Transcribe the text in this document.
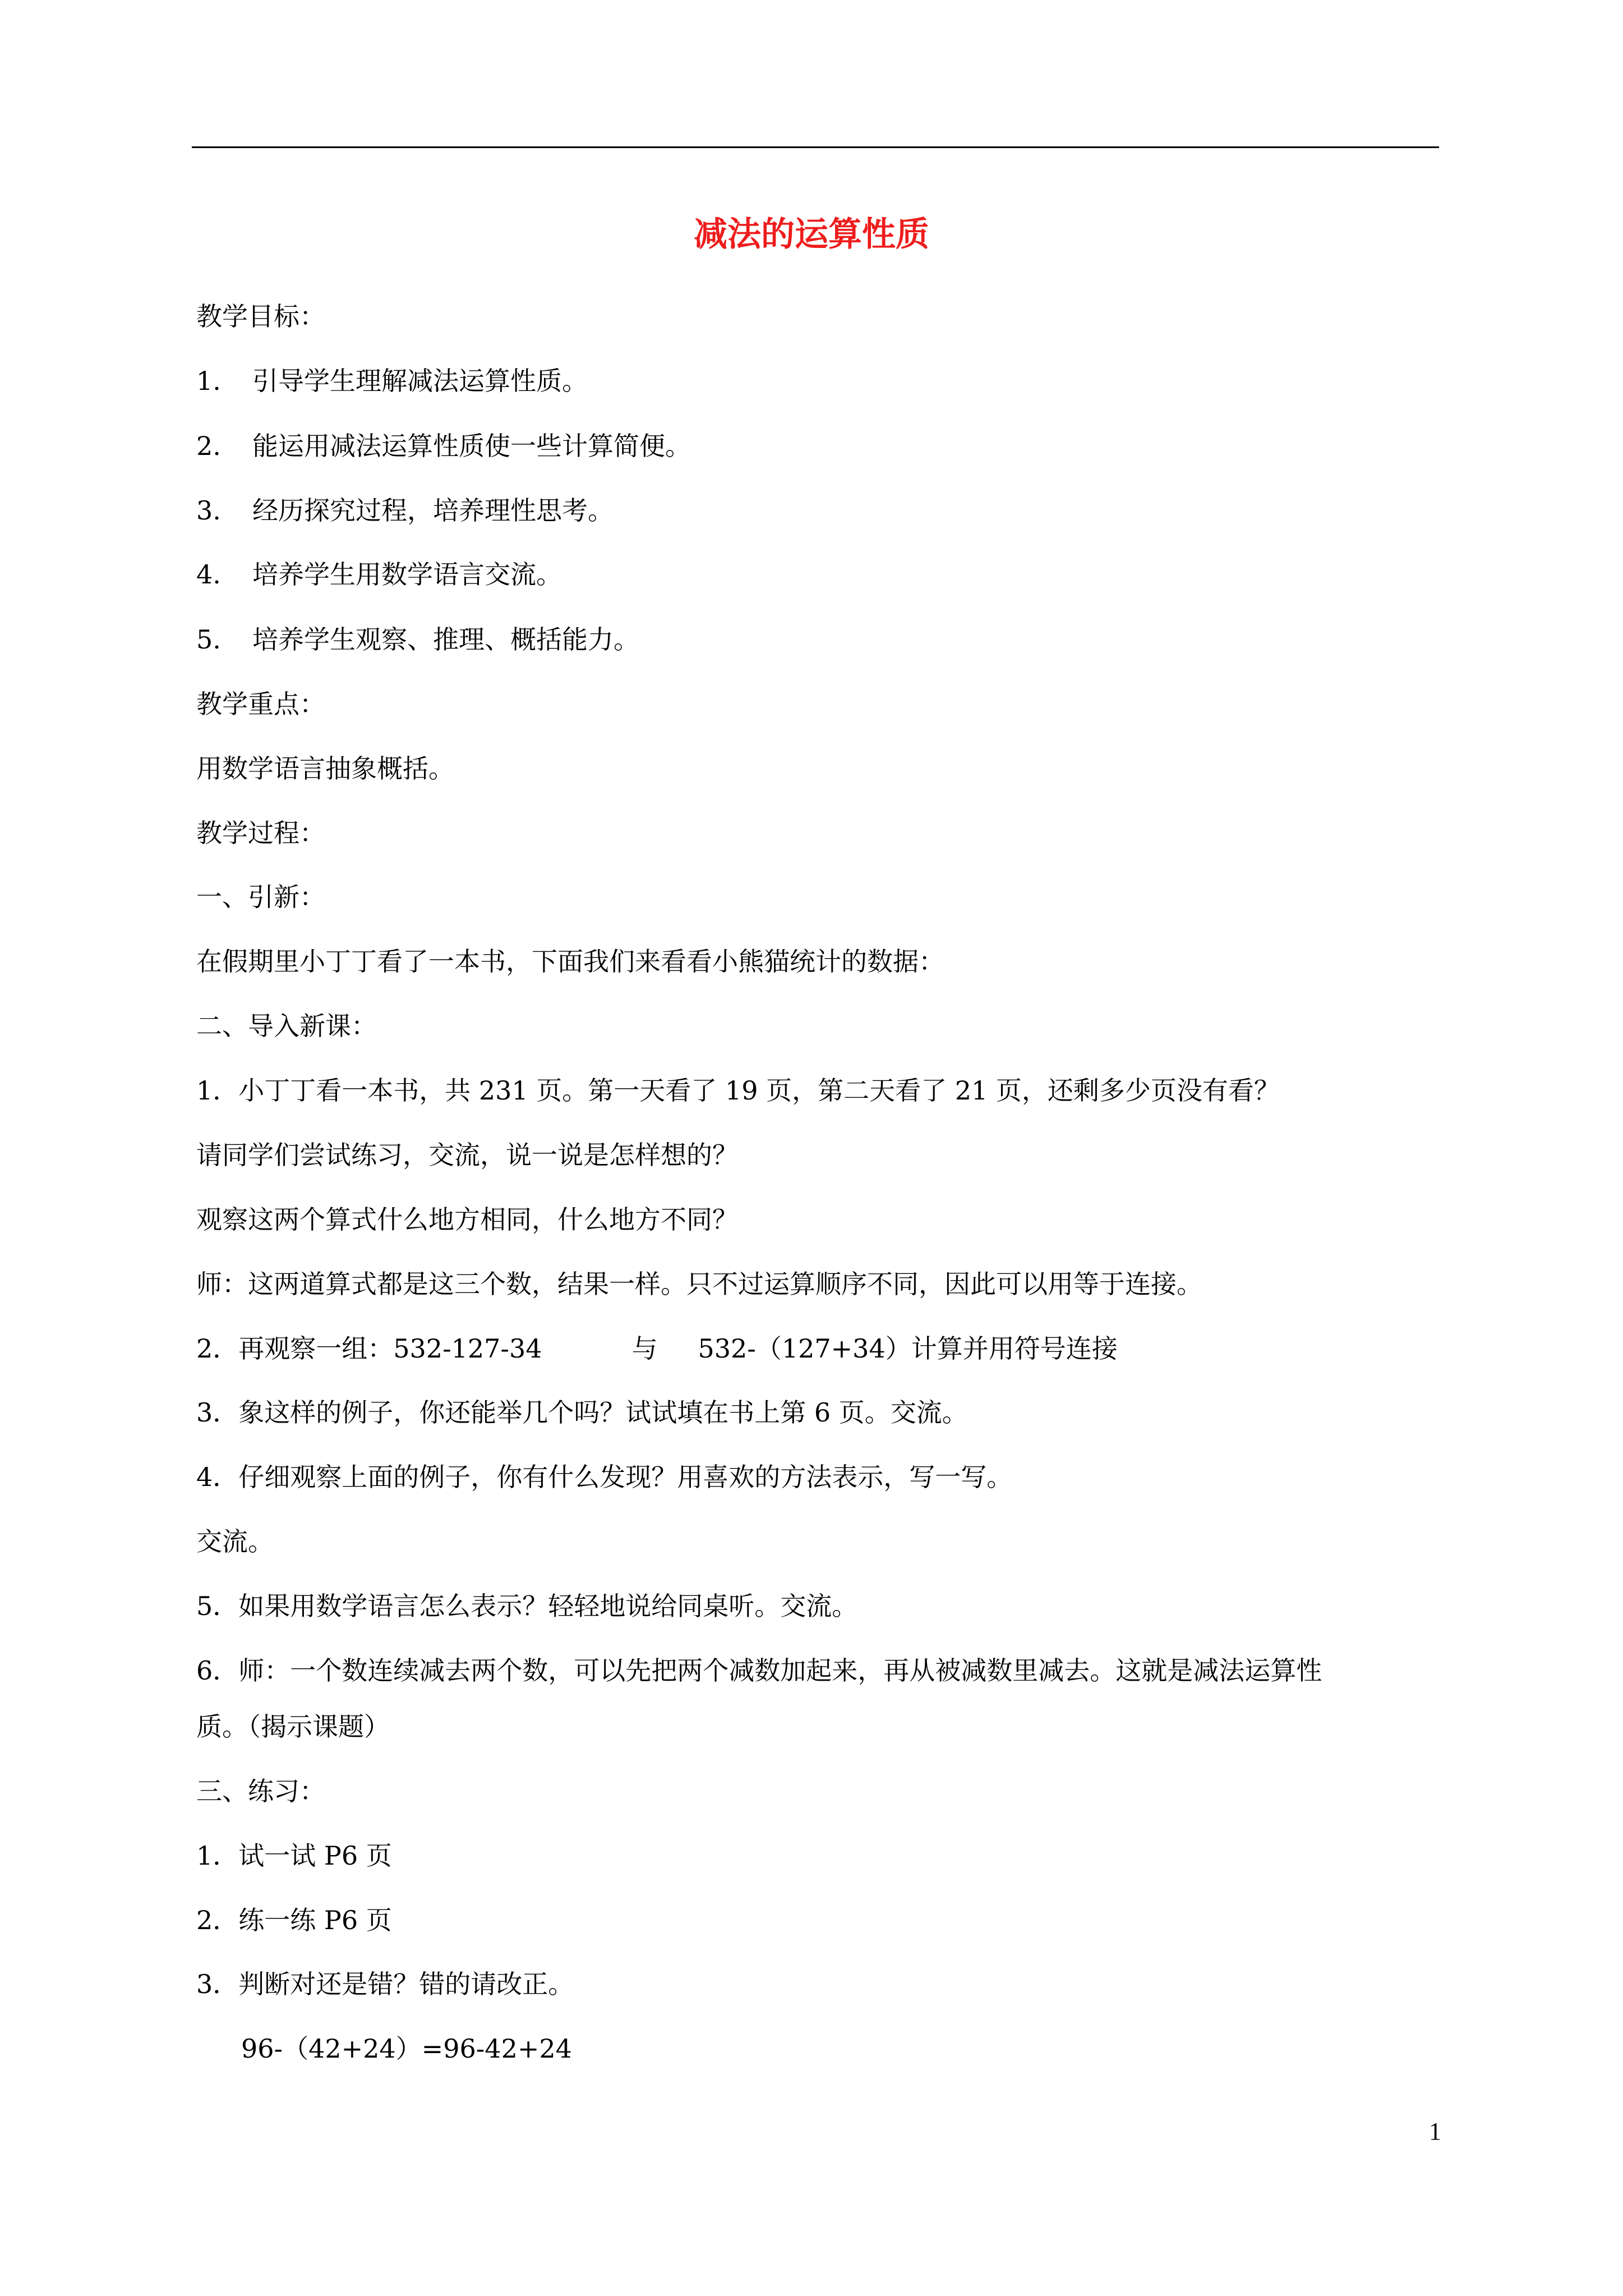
减法的运算性质
教学目标：
1. 引导学生理解减法运算性质。
2. 能运用减法运算性质使一些计算简便。
3. 经历探究过程，培养理性思考。
4. 培养学生用数学语言交流。
5. 培养学生观察、推理、概括能力。
教学重点：
用数学语言抽象概括。
教学过程：
一、引新：
在假期里小丁丁看了一本书，下面我们来看看小熊猫统计的数据：
二、导入新课：
1．小丁丁看一本书，共 231 页。第一天看了 19 页，第二天看了 21 页，还剩多少页没有看？
请同学们尝试练习，交流，说一说是怎样想的？
观察这两个算式什么地方相同，什么地方不同？
师：这两道算式都是这三个数，结果一样。只不过运算顺序不同，因此可以用等于连接。
2．再观察一组：532-127-34	与 532-（127+34）计算并用符号连接
3．象这样的例子，你还能举几个吗？试试填在书上第 6 页。交流。
4．仔细观察上面的例子，你有什么发现？用喜欢的方法表示，写一写。
交流。
5．如果用数学语言怎么表示？轻轻地说给同桌听。交流。
6．师：一个数连续减去两个数，可以先把两个减数加起来，再从被减数里减去。这就是减法运算性
质。（揭示课题）
三、练习：
1．试一试 P6 页
2．练一练 P6 页
3．判断对还是错？错的请改正。
96-（42+24）=96-42+24
1
